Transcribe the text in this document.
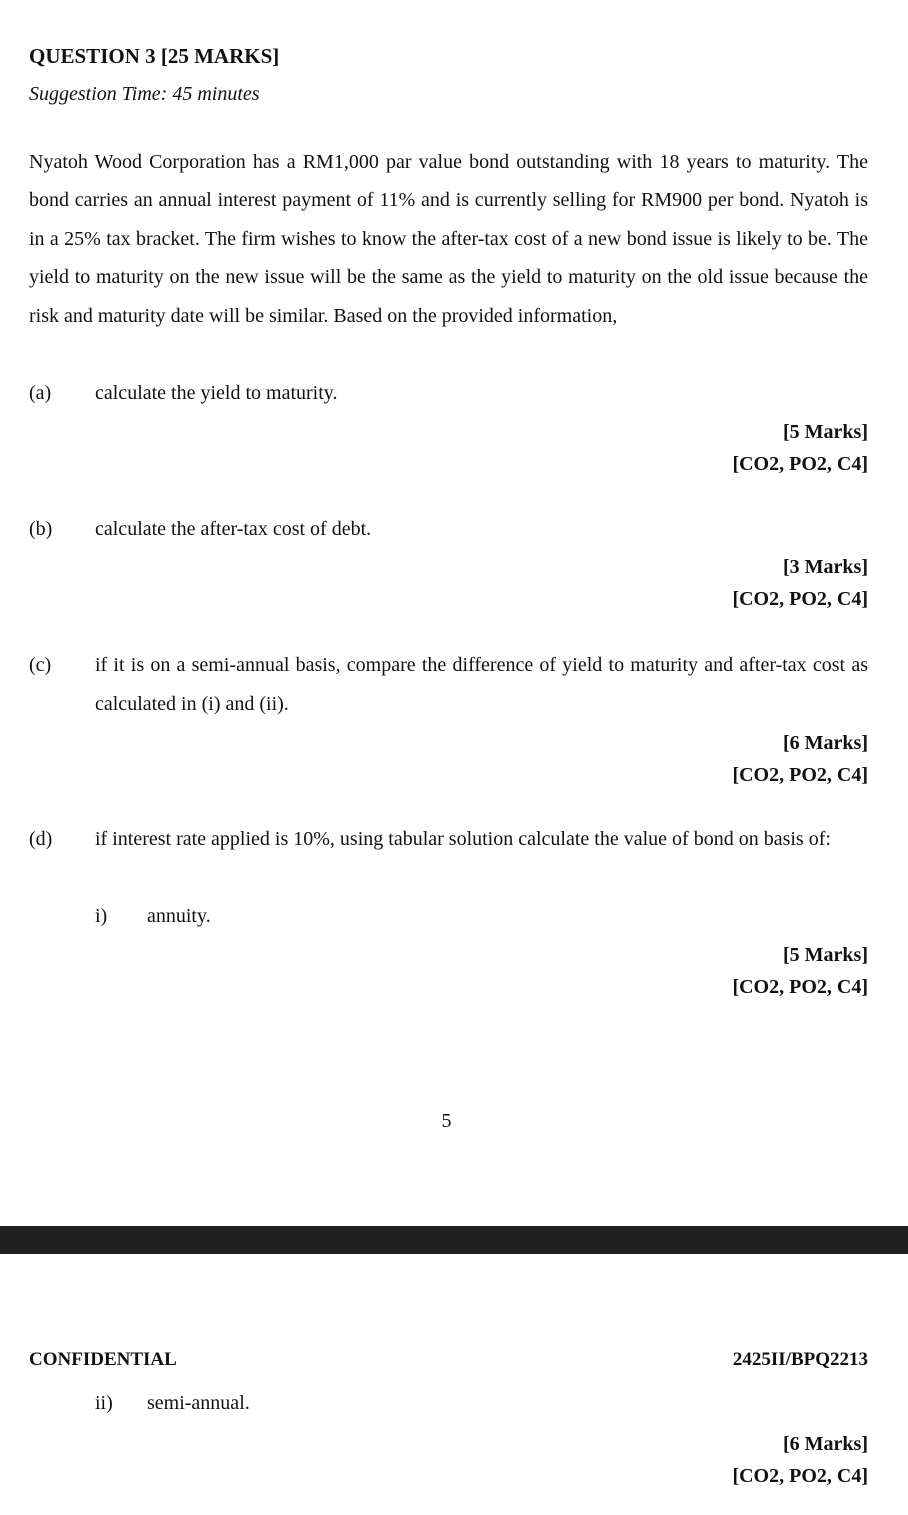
QUESTION 3 [25 MARKS]
Suggestion Time: 45 minutes
Nyatoh Wood Corporation has a RM1,000 par value bond outstanding with 18 years to maturity. The bond carries an annual interest payment of 11% and is currently selling for RM900 per bond. Nyatoh is in a 25% tax bracket. The firm wishes to know the after-tax cost of a new bond issue is likely to be. The yield to maturity on the new issue will be the same as the yield to maturity on the old issue because the risk and maturity date will be similar. Based on the provided information,
(a) calculate the yield to maturity.
[5 Marks]
[CO2, PO2, C4]
(b) calculate the after-tax cost of debt.
[3 Marks]
[CO2, PO2, C4]
(c) if it is on a semi-annual basis, compare the difference of yield to maturity and after-tax cost as calculated in (i) and (ii).
[6 Marks]
[CO2, PO2, C4]
(d) if interest rate applied is 10%, using tabular solution calculate the value of bond on basis of:
i) annuity.
[5 Marks]
[CO2, PO2, C4]
5
CONFIDENTIAL	2425II/BPQ2213
ii) semi-annual.
[6 Marks]
[CO2, PO2, C4]
